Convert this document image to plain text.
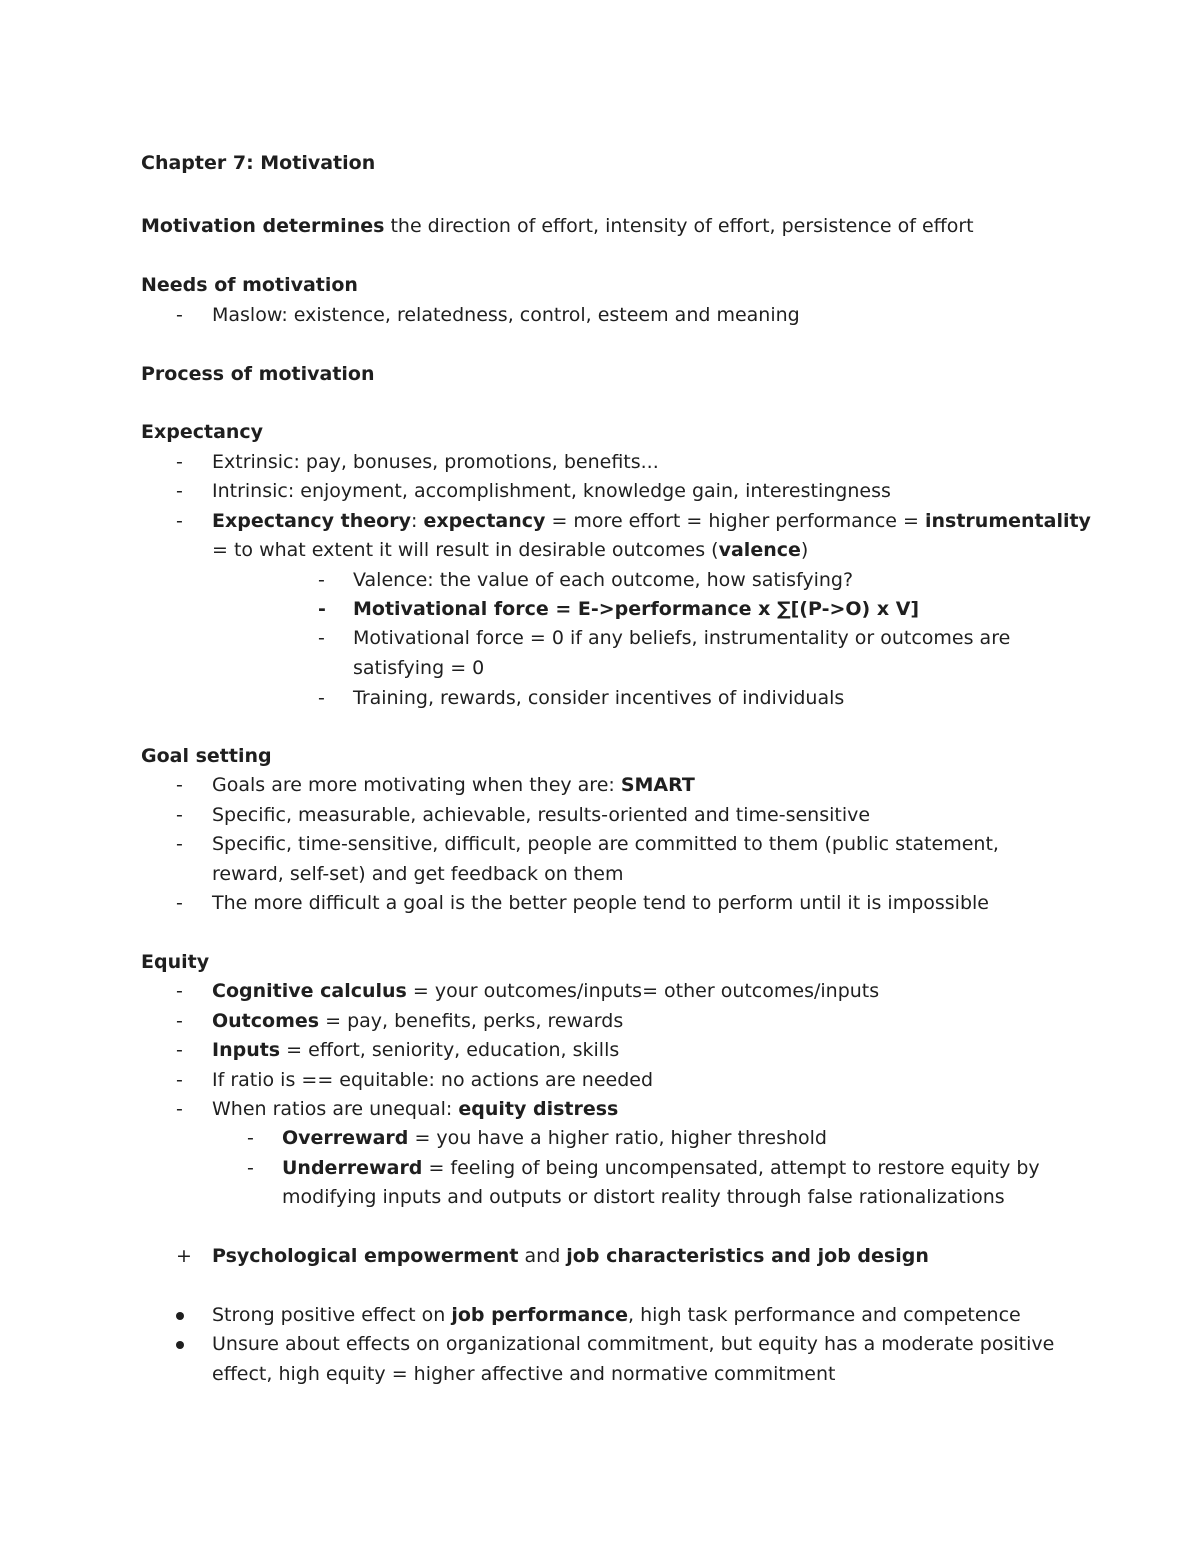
Chapter 7: Motivation
Motivation determines the direction of effort, intensity of effort, persistence of effort
Needs of motivation
- Maslow: existence, relatedness, control, esteem and meaning
Process of motivation
Expectancy
- Extrinsic: pay, bonuses, promotions, benefits...
- Intrinsic: enjoyment, accomplishment, knowledge gain, interestingness
- Expectancy theory: expectancy = more effort = higher performance = instrumentality
= to what extent it will result in desirable outcomes (valence)
- Valence: the value of each outcome, how satisfying?
- Motivational force = E->performance x ∑[(P->O) x V]
- Motivational force = 0 if any beliefs, instrumentality or outcomes are
satisfying = 0
- Training, rewards, consider incentives of individuals
Goal setting
- Goals are more motivating when they are: SMART
- Specific, measurable, achievable, results-oriented and time-sensitive
- Specific, time-sensitive, difficult, people are committed to them (public statement,
reward, self-set) and get feedback on them
- The more difficult a goal is the better people tend to perform until it is impossible
Equity
- Cognitive calculus = your outcomes/inputs= other outcomes/inputs
- Outcomes = pay, benefits, perks, rewards
- Inputs = effort, seniority, education, skills
- If ratio is == equitable: no actions are needed
- When ratios are unequal: equity distress
- Overreward = you have a higher ratio, higher threshold
- Underreward = feeling of being uncompensated, attempt to restore equity by
modifying inputs and outputs or distort reality through false rationalizations
+ Psychological empowerment and job characteristics and job design
Strong positive effect on job performance, high task performance and competence
Unsure about effects on organizational commitment, but equity has a moderate positive
effect, high equity = higher affective and normative commitment
